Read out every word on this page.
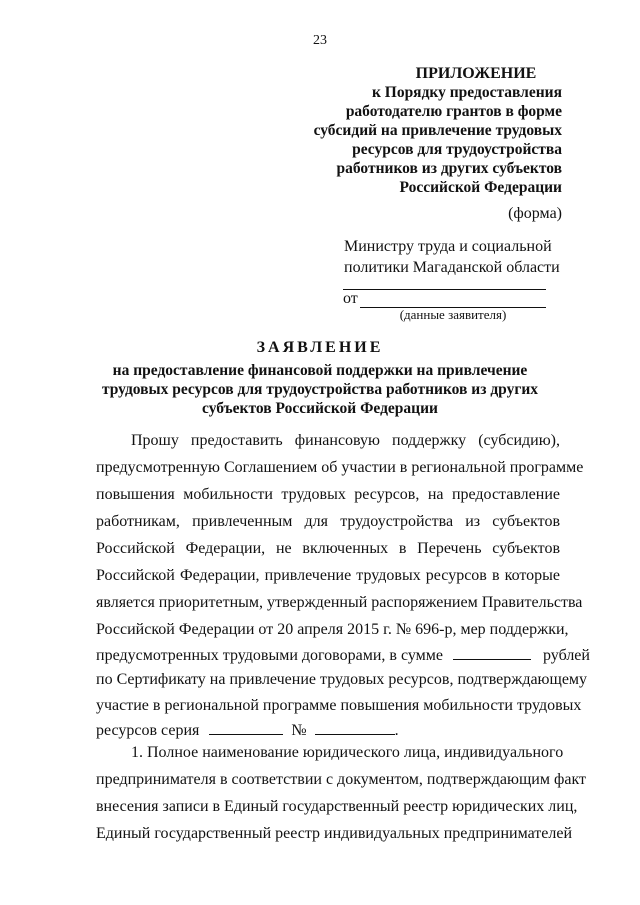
23
ПРИЛОЖЕНИЕ
к Порядку предоставления
работодателю грантов в форме
субсидий на привлечение трудовых
ресурсов для трудоустройства
работников из других субъектов
Российской Федерации
(форма)
Министру труда и социальной
политики Магаданской области
от
(данные заявителя)
ЗАЯВЛЕНИЕ
на предоставление финансовой поддержки на привлечение
трудовых ресурсов для трудоустройства работников из других
субъектов Российской Федерации
Прошу предоставить финансовую поддержку (субсидию),
предусмотренную Соглашением об участии в региональной программе
повышения мобильности трудовых ресурсов, на предоставление
работникам, привлеченным для трудоустройства из субъектов
Российской Федерации, не включенных в Перечень субъектов
Российской Федерации, привлечение трудовых ресурсов в которые
является приоритетным, утвержденный распоряжением Правительства
Российской Федерации от 20 апреля 2015 г. № 696-р, мер поддержки,
предусмотренных трудовыми договорами, в сумме	рублей
по Сертификату на привлечение трудовых ресурсов, подтверждающему
участие в региональной программе повышения мобильности трудовых
ресурсов серия	№	.
1. Полное наименование юридического лица, индивидуального
предпринимателя в соответствии с документом, подтверждающим факт
внесения записи в Единый государственный реестр юридических лиц,
Единый государственный реестр индивидуальных предпринимателей
